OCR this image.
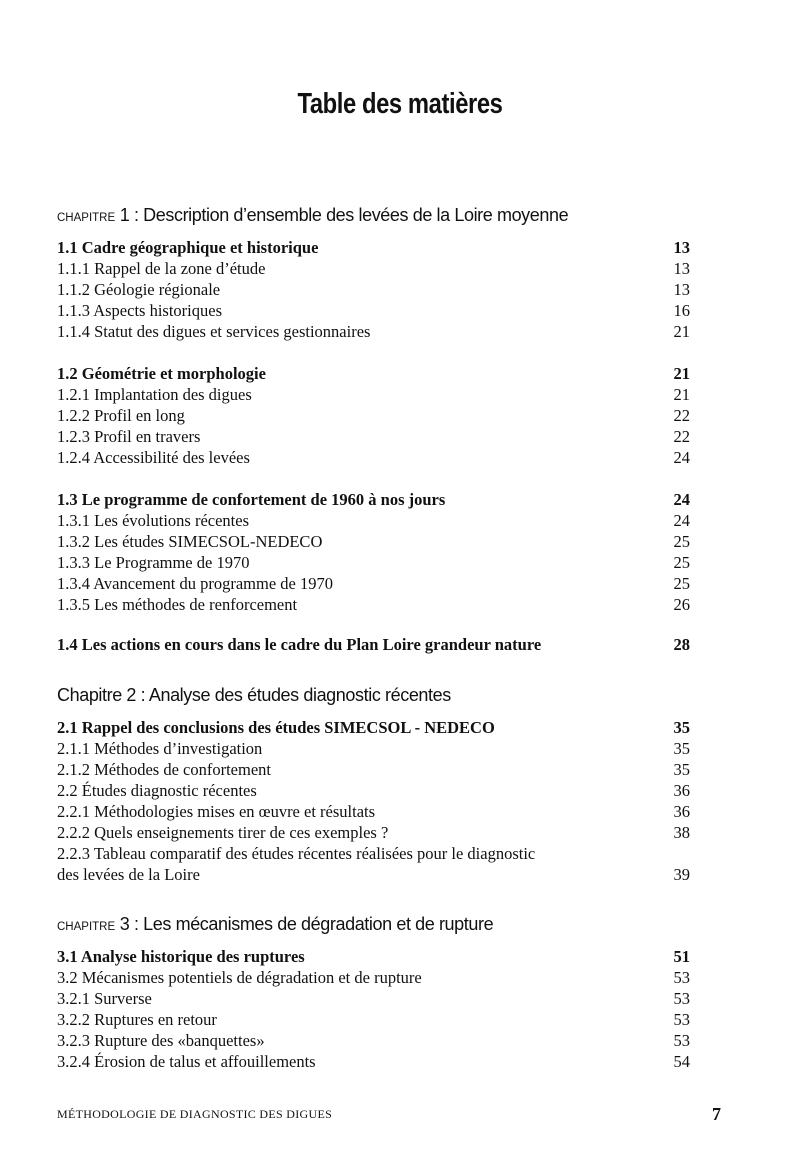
Table des matières
CHAPITRE 1 : Description d’ensemble des levées de la Loire moyenne
1.1 Cadre géographique et historique	13
1.1.1 Rappel de la zone d’étude	13
1.1.2 Géologie régionale	13
1.1.3 Aspects historiques	16
1.1.4 Statut des digues et services gestionnaires	21
1.2 Géométrie et morphologie	21
1.2.1 Implantation des digues	21
1.2.2 Profil en long	22
1.2.3 Profil en travers	22
1.2.4 Accessibilité des levées	24
1.3 Le programme de confortement de 1960 à nos jours	24
1.3.1 Les évolutions récentes	24
1.3.2 Les études SIMECSOL-NEDECO	25
1.3.3 Le Programme de 1970	25
1.3.4 Avancement du programme de 1970	25
1.3.5 Les méthodes de renforcement	26
1.4 Les actions en cours dans le cadre du Plan Loire grandeur nature	28
Chapitre 2 : Analyse des études diagnostic récentes
2.1 Rappel des conclusions des études SIMECSOL - NEDECO	35
2.1.1 Méthodes d’investigation	35
2.1.2 Méthodes de confortement	35
2.2 Études diagnostic récentes	36
2.2.1 Méthodologies mises en œuvre et résultats	36
2.2.2 Quels enseignements tirer de ces exemples ?	38
2.2.3 Tableau comparatif des études récentes réalisées pour le diagnostic
des levées de la Loire	39
CHAPITRE 3 : Les mécanismes de dégradation et de rupture
3.1 Analyse historique des ruptures	51
3.2 Mécanismes potentiels de dégradation et de rupture	53
3.2.1 Surverse	53
3.2.2 Ruptures en retour	53
3.2.3 Rupture des «banquettes»	53
3.2.4 Érosion de talus et affouillements	54
MÉTHODOLOGIE DE DIAGNOSTIC DES DIGUES	7
